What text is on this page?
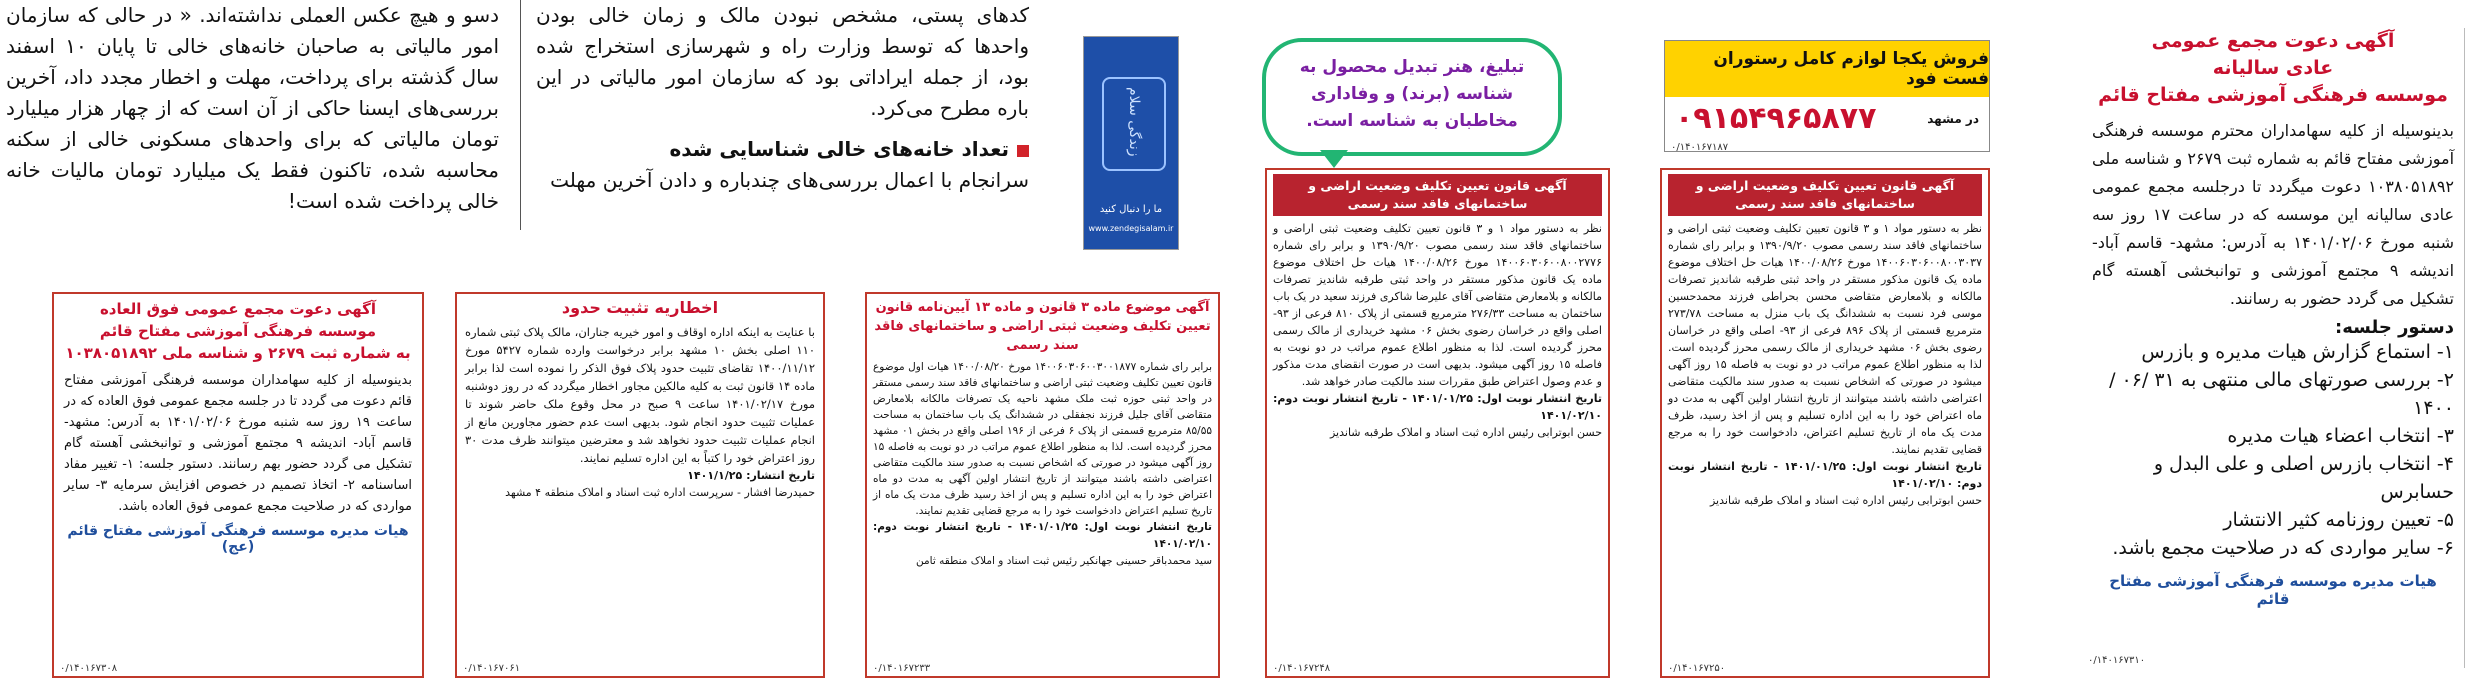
دسو و هیچ عکس العملی نداشته‌اند. « در حالی که سازمان امور مالیاتی به صاحبان خانه‌های خالی تا پایان ۱۰ اسفند سال گذشته برای پرداخت، مهلت و اخطار مجدد داد، آخرین بررسی‌های ایسنا حاکی از آن است که از چهار هزار میلیارد تومان مالیاتی که برای واحدهای مسکونی خالی از سکنه محاسبه شده، تاکنون فقط یک میلیارد تومان مالیات خانه خالی پرداخت شده است!
کدهای پستی، مشخص نبودن مالک و زمان خالی بودن واحدها که توسط وزارت راه و شهرسازی استخراج شده بود، از جمله ایراداتی بود که سازمان امور مالیاتی در این باره مطرح می‌کرد.
تعداد خانه‌های خالی شناسایی شده
سرانجام با اعمال بررسی‌های چندباره و دادن آخرین مهلت
زندگی سلام
ما را دنبال کنید
www.zendegisalam.ir
تبلیغ، هنر تبدیل محصول به شناسه (برند) و وفاداری مخاطبان به شناسه است.
فروش یکجا لوازم کامل رستوران فست فود
در مشهد
۰۹۱۵۴۹۶۵۸۷۷
۰/۱۴۰۱۶۷۱۸۷
آگهی دعوت مجمع عمومی
عادی سالیانه
موسسه فرهنگی آموزشی مفتاح قائم
بدینوسیله از کلیه سهامداران محترم موسسه فرهنگی آموزشی مفتاح قائم به شماره ثبت ۲۶۷۹ و شناسه ملی ۱۰۳۸۰۵۱۸۹۲ دعوت میگردد تا درجلسه مجمع عمومی عادی سالیانه این موسسه که در ساعت ۱۷ روز سه شنبه مورخ ۱۴۰۱/۰۲/۰۶ به آدرس: مشهد- قاسم آباد- اندیشه ۹ مجتمع آموزشی و توانبخشی آهسته گام تشکیل می گردد حضور به رسانند.
دستور جلسه:
۱- استماع گزارش هیات مدیره و بازرس
۲- بررسی صورتهای مالی منتهی به ۳۱ /۰۶ /۱۴۰۰
۳- انتخاب اعضاء هیات مدیره
۴- انتخاب بازرس اصلی و علی البدل و حسابرس
۵- تعیین روزنامه کثیر الانتشار
۶- سایر مواردی که در صلاحیت مجمع باشد.
هیات مدیره موسسه فرهنگی آموزشی مفتاح قائم
۰/۱۴۰۱۶۷۳۱۰
آگهی قانون تعیین تکلیف وضعیت اراضی و ساختمانهای فاقد سند رسمی
نظر به دستور مواد ۱ و ۳ قانون تعیین تکلیف وضعیت ثبتی اراضی و ساختمانهای فاقد سند رسمی مصوب ۱۳۹۰/۹/۲۰ و برابر رای شماره ۱۴۰۰۶۰۳۰۶۰۰۸۰۰۳۰۳۷ مورخ ۱۴۰۰/۰۸/۲۶ هیات حل اختلاف موضوع ماده یک قانون مذکور مستقر در واحد ثبتی طرقبه شاندیز تصرفات مالکانه و بلامعارض متقاضی محسن بحراطی فرزند محمدحسین موسی فرد نسبت به ششدانگ یک باب منزل به مساحت ۲۷۳/۷۸ مترمربع قسمتی از پلاک ۸۹۶ فرعی از ۹۳- اصلی واقع در خراسان رضوی بخش ۰۶ مشهد خریداری از مالک رسمی محرز گردیده است. لذا به منظور اطلاع عموم مراتب در دو نوبت به فاصله ۱۵ روز آگهی میشود در صورتی که اشخاص نسبت به صدور سند مالکیت متقاضی اعتراضی داشته باشند میتوانند از تاریخ انتشار اولین آگهی به مدت دو ماه اعتراض خود را به این اداره تسلیم و پس از اخذ رسید، ظرف مدت یک ماه از تاریخ تسلیم اعتراض، دادخواست خود را به مرجع قضایی تقدیم نمایند.
تاریخ انتشار نوبت اول: ۱۴۰۱/۰۱/۲۵ - تاریخ انتشار نوبت دوم: ۱۴۰۱/۰۲/۱۰
حسن ابوترابی رئیس اداره ثبت اسناد و املاک طرقبه شاندیز
۰/۱۴۰۱۶۷۲۵۰
آگهی قانون تعیین تکلیف وضعیت اراضی و ساختمانهای فاقد سند رسمی
نظر به دستور مواد ۱ و ۳ قانون تعیین تکلیف وضعیت ثبتی اراضی و ساختمانهای فاقد سند رسمی مصوب ۱۳۹۰/۹/۲۰ و برابر رای شماره ۱۴۰۰۶۰۳۰۶۰۰۸۰۰۲۷۷۶ مورخ ۱۴۰۰/۰۸/۲۶ هیات حل اختلاف موضوع ماده یک قانون مذکور مستقر در واحد ثبتی طرقبه شاندیز تصرفات مالکانه و بلامعارض متقاضی آقای علیرضا شاکری فرزند سعید در یک باب ساختمان به مساحت ۲۷۶/۳۳ مترمربع قسمتی از پلاک ۸۱۰ فرعی از ۹۳- اصلی واقع در خراسان رضوی بخش ۰۶ مشهد خریداری از مالک رسمی محرز گردیده است. لذا به منظور اطلاع عموم مراتب در دو نوبت به فاصله ۱۵ روز آگهی میشود. بدیهی است در صورت انقضای مدت مذکور و عدم وصول اعتراض طبق مقررات سند مالکیت صادر خواهد شد.
تاریخ انتشار نوبت اول: ۱۴۰۱/۰۱/۲۵ - تاریخ انتشار نوبت دوم: ۱۴۰۱/۰۲/۱۰
حسن ابوترابی رئیس اداره ثبت اسناد و املاک طرقبه شاندیز
۰/۱۴۰۱۶۷۲۴۸
آگهی موضوع ماده ۳ قانون و ماده ۱۳ آیین‌نامه قانون تعیین تکلیف وضعیت ثبتی اراضی و ساختمانهای فاقد سند رسمی
برابر رای شماره ۱۴۰۰۶۰۳۰۶۰۰۳۰۰۱۸۷۷ مورخ ۱۴۰۰/۰۸/۲۰ هیات اول موضوع قانون تعیین تکلیف وضعیت ثبتی اراضی و ساختمانهای فاقد سند رسمی مستقر در واحد ثبتی حوزه ثبت ملک مشهد ناحیه یک تصرفات مالکانه بلامعارض متقاضی آقای جلیل فرزند نجفقلی در ششدانگ یک باب ساختمان به مساحت ۸۵/۵۵ مترمربع قسمتی از پلاک ۶ فرعی از ۱۹۶ اصلی واقع در بخش ۰۱ مشهد محرز گردیده است. لذا به منظور اطلاع عموم مراتب در دو نوبت به فاصله ۱۵ روز آگهی میشود در صورتی که اشخاص نسبت به صدور سند مالکیت متقاضی اعتراضی داشته باشند میتوانند از تاریخ انتشار اولین آگهی به مدت دو ماه اعتراض خود را به این اداره تسلیم و پس از اخذ رسید ظرف مدت یک ماه از تاریخ تسلیم اعتراض دادخواست خود را به مرجع قضایی تقدیم نمایند.
تاریخ انتشار نوبت اول: ۱۴۰۱/۰۱/۲۵ - تاریخ انتشار نوبت دوم: ۱۴۰۱/۰۲/۱۰
سید محمدباقر حسینی جهانکیر رئیس ثبت اسناد و املاک منطقه ثامن
۰/۱۴۰۱۶۷۲۳۳
اخطاریه تثبیت حدود
با عنایت به اینکه اداره اوقاف و امور خیریه جناران، مالک پلاک ثبتی شماره ۱۱۰ اصلی بخش ۱۰ مشهد برابر درخواست وارده شماره ۵۴۲۷ مورخ ۱۴۰۰/۱۱/۱۲ تقاضای تثبیت حدود پلاک فوق الذکر را نموده است لذا برابر ماده ۱۴ قانون ثبت به کلیه مالکین مجاور اخطار میگردد که در روز دوشنبه مورخ ۱۴۰۱/۰۲/۱۷ ساعت ۹ صبح در محل وقوع ملک حاضر شوند تا عملیات تثبیت حدود انجام شود. بدیهی است عدم حضور مجاورین مانع از انجام عملیات تثبیت حدود نخواهد شد و معترضین میتوانند ظرف مدت ۳۰ روز اعتراض خود را کتباً به این اداره تسلیم نمایند.
تاریخ انتشار: ۱۴۰۱/۱/۲۵
حمیدرضا افشار - سرپرست اداره ثبت اسناد و املاک منطقه ۴ مشهد
۰/۱۴۰۱۶۷۰۶۱
آگهی دعوت مجمع عمومی فوق العاده
موسسه فرهنگی آموزشی مفتاح قائم
به شماره ثبت ۲۶۷۹ و شناسه ملی ۱۰۳۸۰۵۱۸۹۲
بدینوسیله از کلیه سهامداران موسسه فرهنگی آموزشی مفتاح قائم دعوت می گردد تا در جلسه مجمع عمومی فوق العاده که در ساعت ۱۹ روز سه شنبه مورخ ۱۴۰۱/۰۲/۰۶ به آدرس: مشهد- قاسم آباد- اندیشه ۹ مجتمع آموزشی و توانبخشی آهسته گام تشکیل می گردد حضور بهم رسانند. دستور جلسه: ۱- تغییر مفاد اساسنامه ۲- اتخاذ تصمیم در خصوص افزایش سرمایه ۳- سایر مواردی که در صلاحیت مجمع عمومی فوق العاده باشد.
هیات مدیره موسسه فرهنگی آموزشی مفتاح قائم (عج)
۰/۱۴۰۱۶۷۳۰۸
